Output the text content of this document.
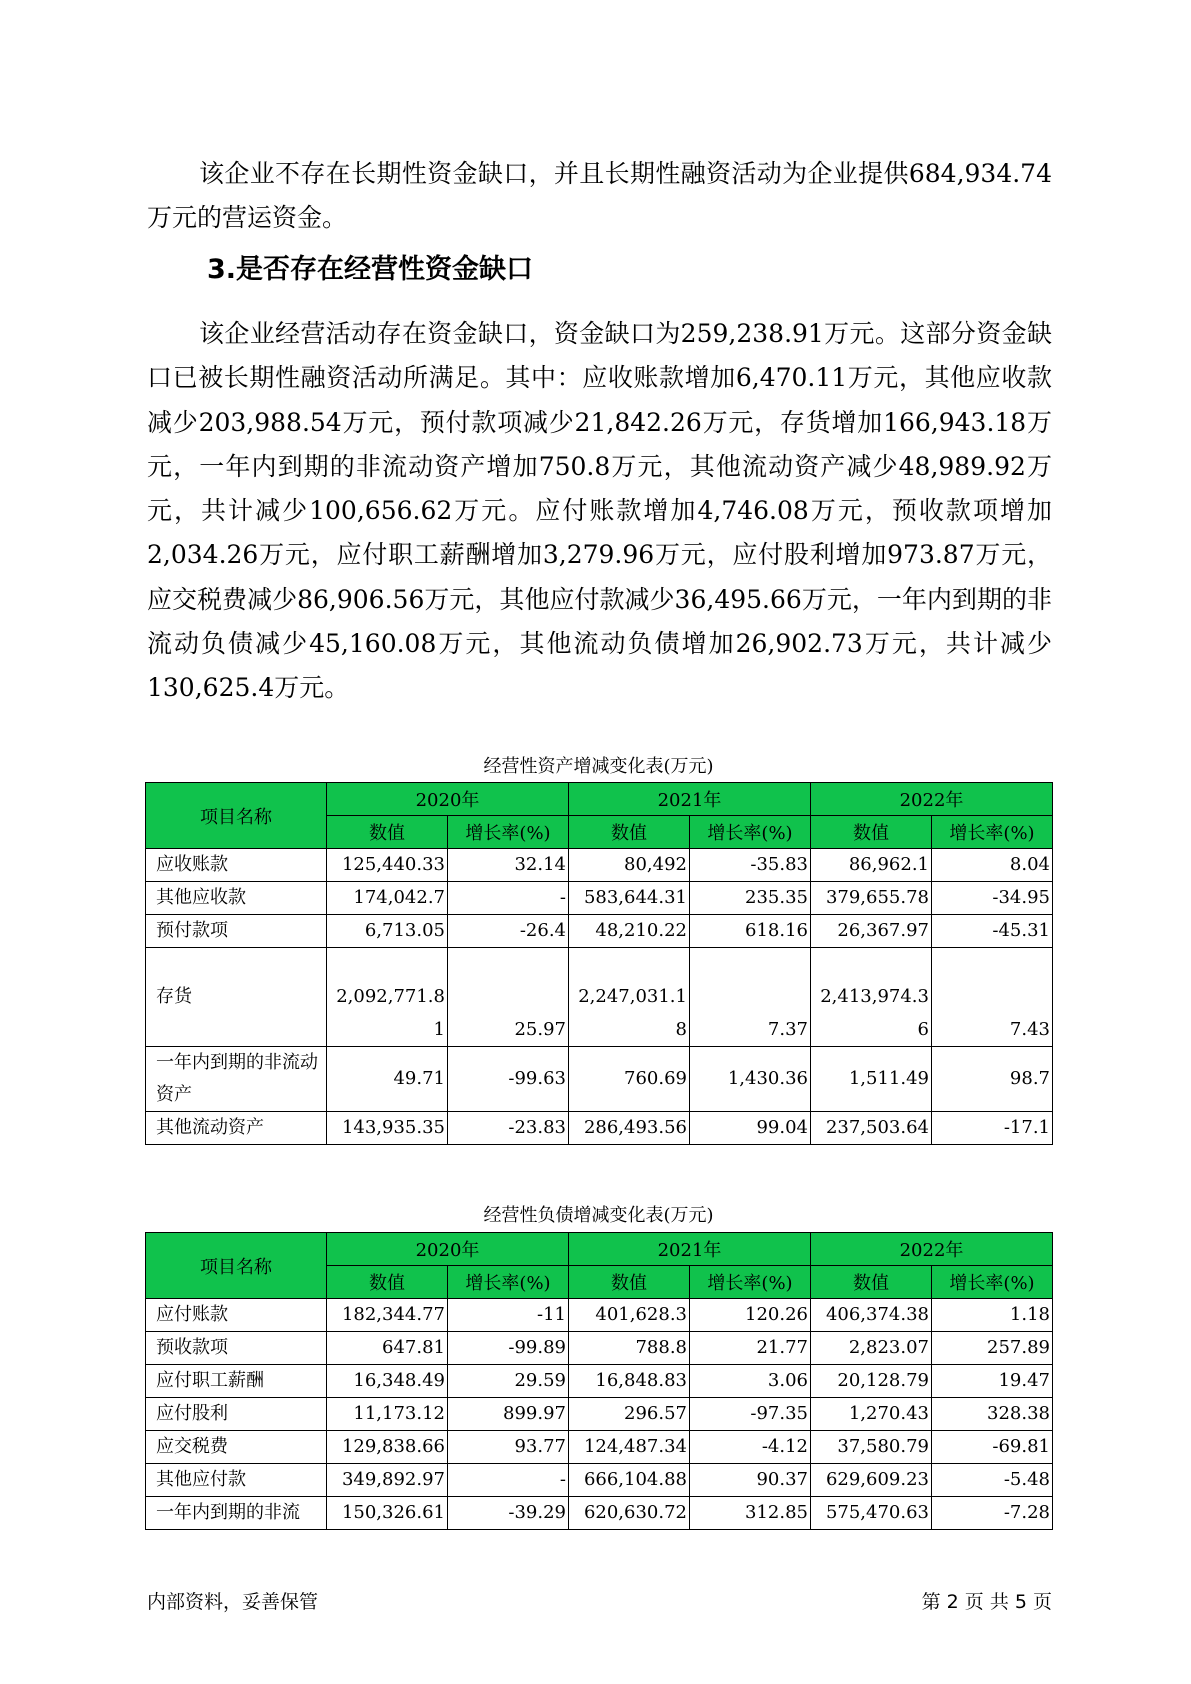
该企业不存在长期性资金缺口，并且长期性融资活动为企业提供684,934.74万元的营运资金。

3.是否存在经营性资金缺口

该企业经营活动存在资金缺口，资金缺口为259,238.91万元。这部分资金缺口已被长期性融资活动所满足。其中：应收账款增加6,470.11万元，其他应收款减少203,988.54万元，预付款项减少21,842.26万元，存货增加166,943.18万元，一年内到期的非流动资产增加750.8万元，其他流动资产减少48,989.92万元，共计减少100,656.62万元。应付账款增加4,746.08万元，预收款项增加2,034.26万元，应付职工薪酬增加3,279.96万元，应付股利增加973.87万元，应交税费减少86,906.56万元，其他应付款减少36,495.66万元，一年内到期的非流动负债减少45,160.08万元，其他流动负债增加26,902.73万元，共计减少130,625.4万元。

经营性资产增减变化表(万元)

项目名称	2020年		2021年		2022年	
	数值	增长率(%)	数值	增长率(%)	数值	增长率(%)
应收账款	125,440.33	32.14	80,492	-35.83	86,962.1	8.04
其他应收款	174,042.7	-	583,644.31	235.35	379,655.78	-34.95
预付款项	6,713.05	-26.4	48,210.22	618.16	26,367.97	-45.31
存货	2,092,771.81	25.97	2,247,031.18	7.37	2,413,974.36	7.43
一年内到期的非流动资产	49.71	-99.63	760.69	1,430.36	1,511.49	98.7
其他流动资产	143,935.35	-23.83	286,493.56	99.04	237,503.64	-17.1

经营性负债增减变化表(万元)

项目名称	2020年		2021年		2022年	
	数值	增长率(%)	数值	增长率(%)	数值	增长率(%)
应付账款	182,344.77	-11	401,628.3	120.26	406,374.38	1.18
预收款项	647.81	-99.89	788.8	21.77	2,823.07	257.89
应付职工薪酬	16,348.49	29.59	16,848.83	3.06	20,128.79	19.47
应付股利	11,173.12	899.97	296.57	-97.35	1,270.43	328.38
应交税费	129,838.66	93.77	124,487.34	-4.12	37,580.79	-69.81
其他应付款	349,892.97	-	666,104.88	90.37	629,609.23	-5.48
一年内到期的非流	150,326.61	-39.29	620,630.72	312.85	575,470.63	-7.28

内部资料，妥善保管	第 2 页 共 5 页
